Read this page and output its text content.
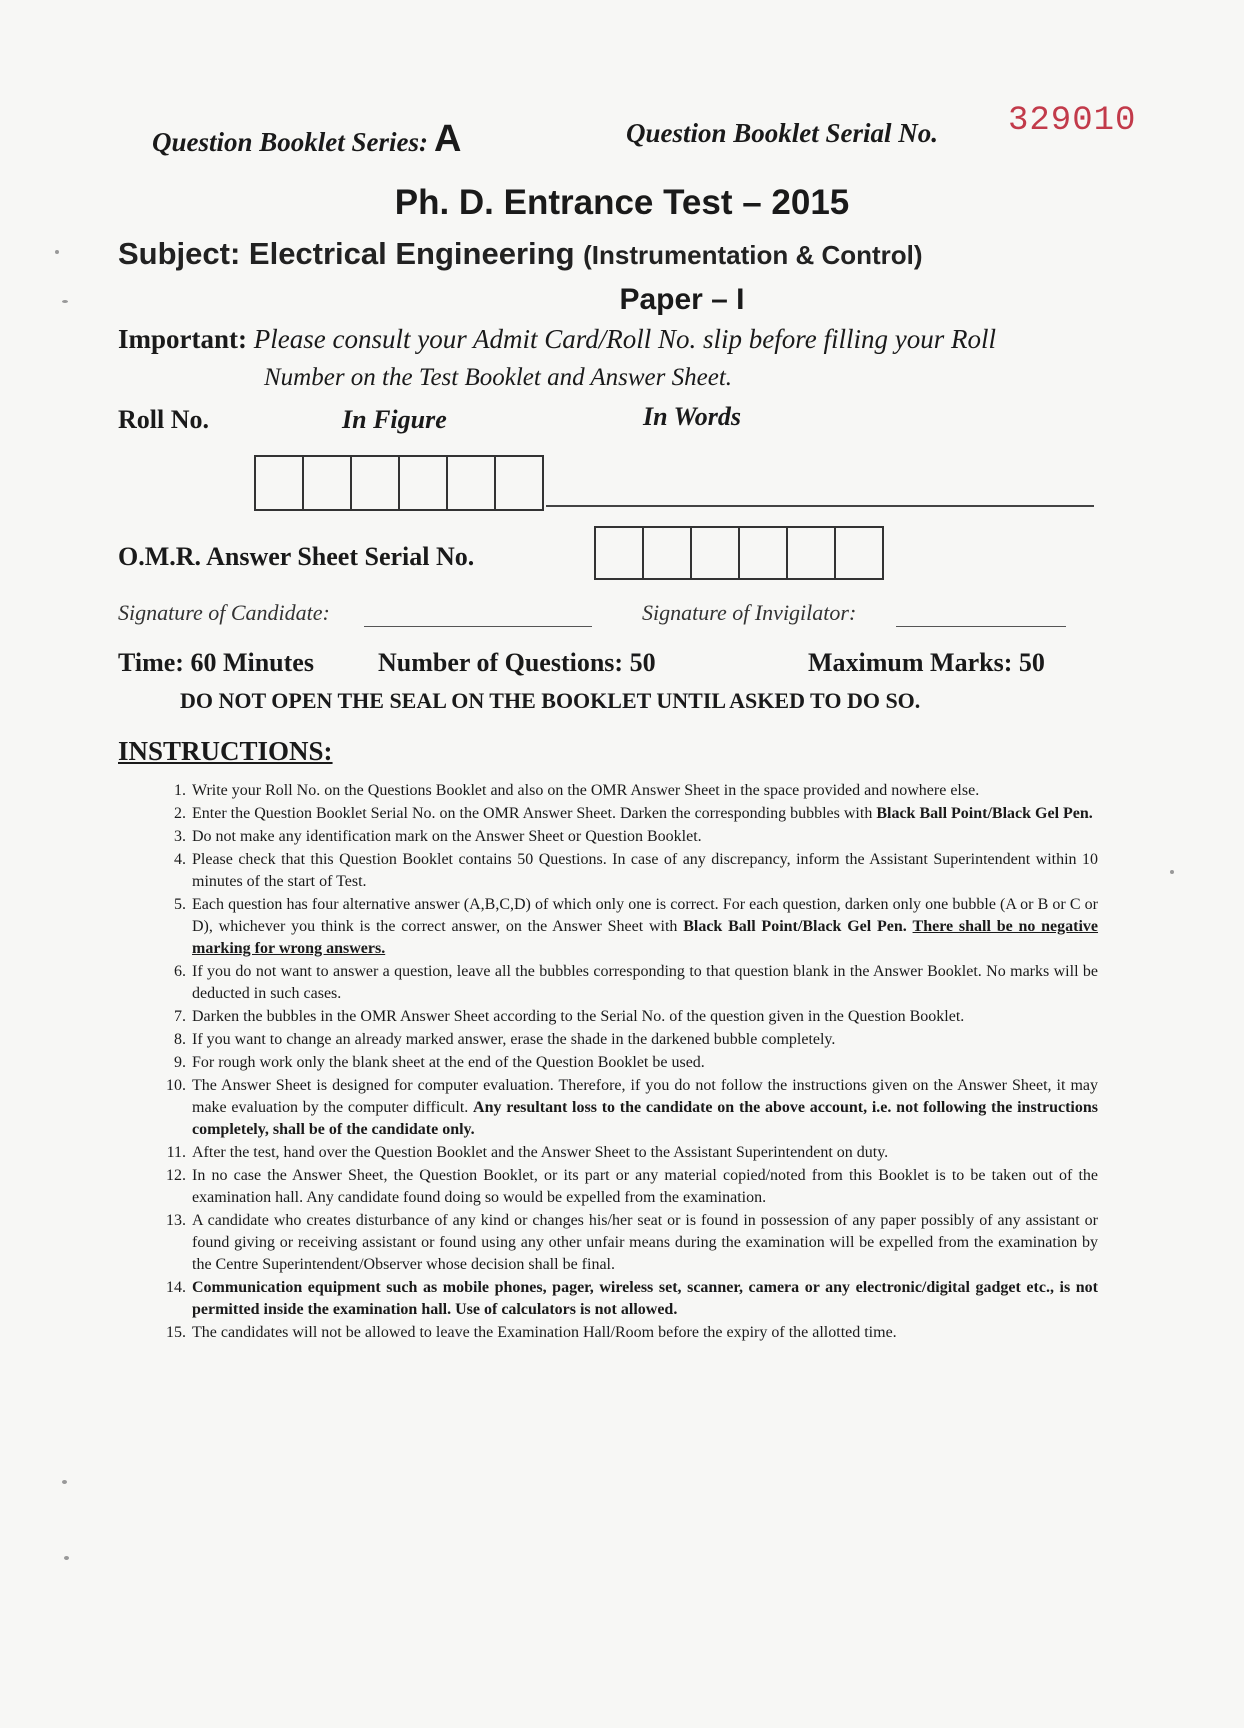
Question Booklet Series: A	Question Booklet Serial No. 329010
Ph. D. Entrance Test – 2015
Subject: Electrical Engineering (Instrumentation & Control)
Paper – I
Important: Please consult your Admit Card/Roll No. slip before filling your Roll
Number on the Test Booklet and Answer Sheet.
Roll No.	In Figure	In Words
O.M.R. Answer Sheet Serial No.
Signature of Candidate:	Signature of Invigilator:
Time: 60 Minutes Number of Questions: 50	Maximum Marks: 50
DO NOT OPEN THE SEAL ON THE BOOKLET UNTIL ASKED TO DO SO.
INSTRUCTIONS:
1. Write your Roll No. on the Questions Booklet and also on the OMR Answer Sheet in the space provided and nowhere else.
2. Enter the Question Booklet Serial No. on the OMR Answer Sheet. Darken the corresponding bubbles with Black Ball Point/Black Gel Pen.
3. Do not make any identification mark on the Answer Sheet or Question Booklet.
4. Please check that this Question Booklet contains 50 Questions. In case of any discrepancy, inform the Assistant Superintendent within 10 minutes of the start of Test.
5. Each question has four alternative answer (A,B,C,D) of which only one is correct. For each question, darken only one bubble (A or B or C or D), whichever you think is the correct answer, on the Answer Sheet with Black Ball Point/Black Gel Pen. There shall be no negative marking for wrong answers.
6. If you do not want to answer a question, leave all the bubbles corresponding to that question blank in the Answer Booklet. No marks will be deducted in such cases.
7. Darken the bubbles in the OMR Answer Sheet according to the Serial No. of the question given in the Question Booklet.
8. If you want to change an already marked answer, erase the shade in the darkened bubble completely.
9. For rough work only the blank sheet at the end of the Question Booklet be used.
10. The Answer Sheet is designed for computer evaluation. Therefore, if you do not follow the instructions given on the Answer Sheet, it may make evaluation by the computer difficult. Any resultant loss to the candidate on the above account, i.e. not following the instructions completely, shall be of the candidate only.
11. After the test, hand over the Question Booklet and the Answer Sheet to the Assistant Superintendent on duty.
12. In no case the Answer Sheet, the Question Booklet, or its part or any material copied/noted from this Booklet is to be taken out of the examination hall. Any candidate found doing so would be expelled from the examination.
13. A candidate who creates disturbance of any kind or changes his/her seat or is found in possession of any paper possibly of any assistant or found giving or receiving assistant or found using any other unfair means during the examination will be expelled from the examination by the Centre Superintendent/Observer whose decision shall be final.
14. Communication equipment such as mobile phones, pager, wireless set, scanner, camera or any electronic/digital gadget etc., is not permitted inside the examination hall. Use of calculators is not allowed.
15. The candidates will not be allowed to leave the Examination Hall/Room before the expiry of the allotted time.
